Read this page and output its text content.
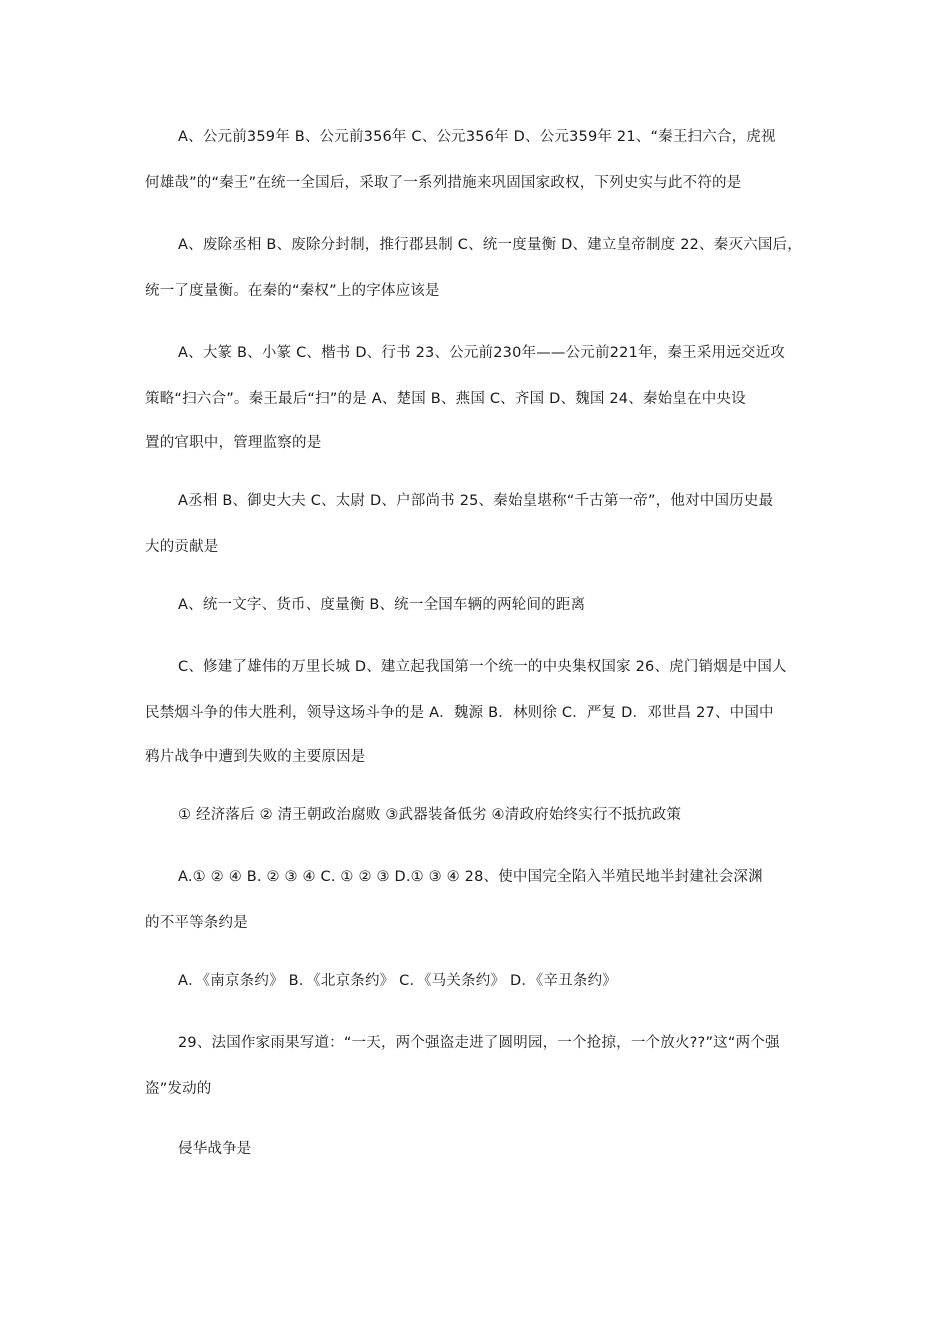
A、公元前359年 B、公元前356年 C、公元356年 D、公元359年 21、“秦王扫六合，虎视
何雄哉”的“秦王”在统一全国后，采取了一系列措施来巩固国家政权，下列史实与此不符的是
A、废除丞相 B、废除分封制，推行郡县制 C、统一度量衡 D、建立皇帝制度 22、秦灭六国后，
统一了度量衡。在秦的“秦权”上的字体应该是
A、大篆 B、小篆 C、楷书 D、行书 23、公元前230年——公元前221年，秦王采用远交近攻
策略“扫六合”。秦王最后“扫”的是 A、楚国 B、燕国 C、齐国 D、魏国 24、秦始皇在中央设
置的官职中，管理监察的是
A丞相 B、御史大夫 C、太尉 D、户部尚书 25、秦始皇堪称“千古第一帝”，他对中国历史最
大的贡献是
A、统一文字、货币、度量衡 B、统一全国车辆的两轮间的距离
C、修建了雄伟的万里长城 D、建立起我国第一个统一的中央集权国家 26、虎门销烟是中国人
民禁烟斗争的伟大胜利，领导这场斗争的是 A．魏源 B．林则徐 C．严复 D．邓世昌 27、中国中
鸦片战争中遭到失败的主要原因是
① 经济落后 ② 清王朝政治腐败 ③武器装备低劣 ④清政府始终实行不抵抗政策
A.① ② ④ B. ② ③ ④ C. ① ② ③ D.① ③ ④ 28、使中国完全陷入半殖民地半封建社会深渊
的不平等条约是
A．《南京条约》 B．《北京条约》 C．《马关条约》 D．《辛丑条约》
29、法国作家雨果写道：“一天，两个强盗走进了圆明园，一个抢掠，一个放火??”这“两个强
盗”发动的
侵华战争是
